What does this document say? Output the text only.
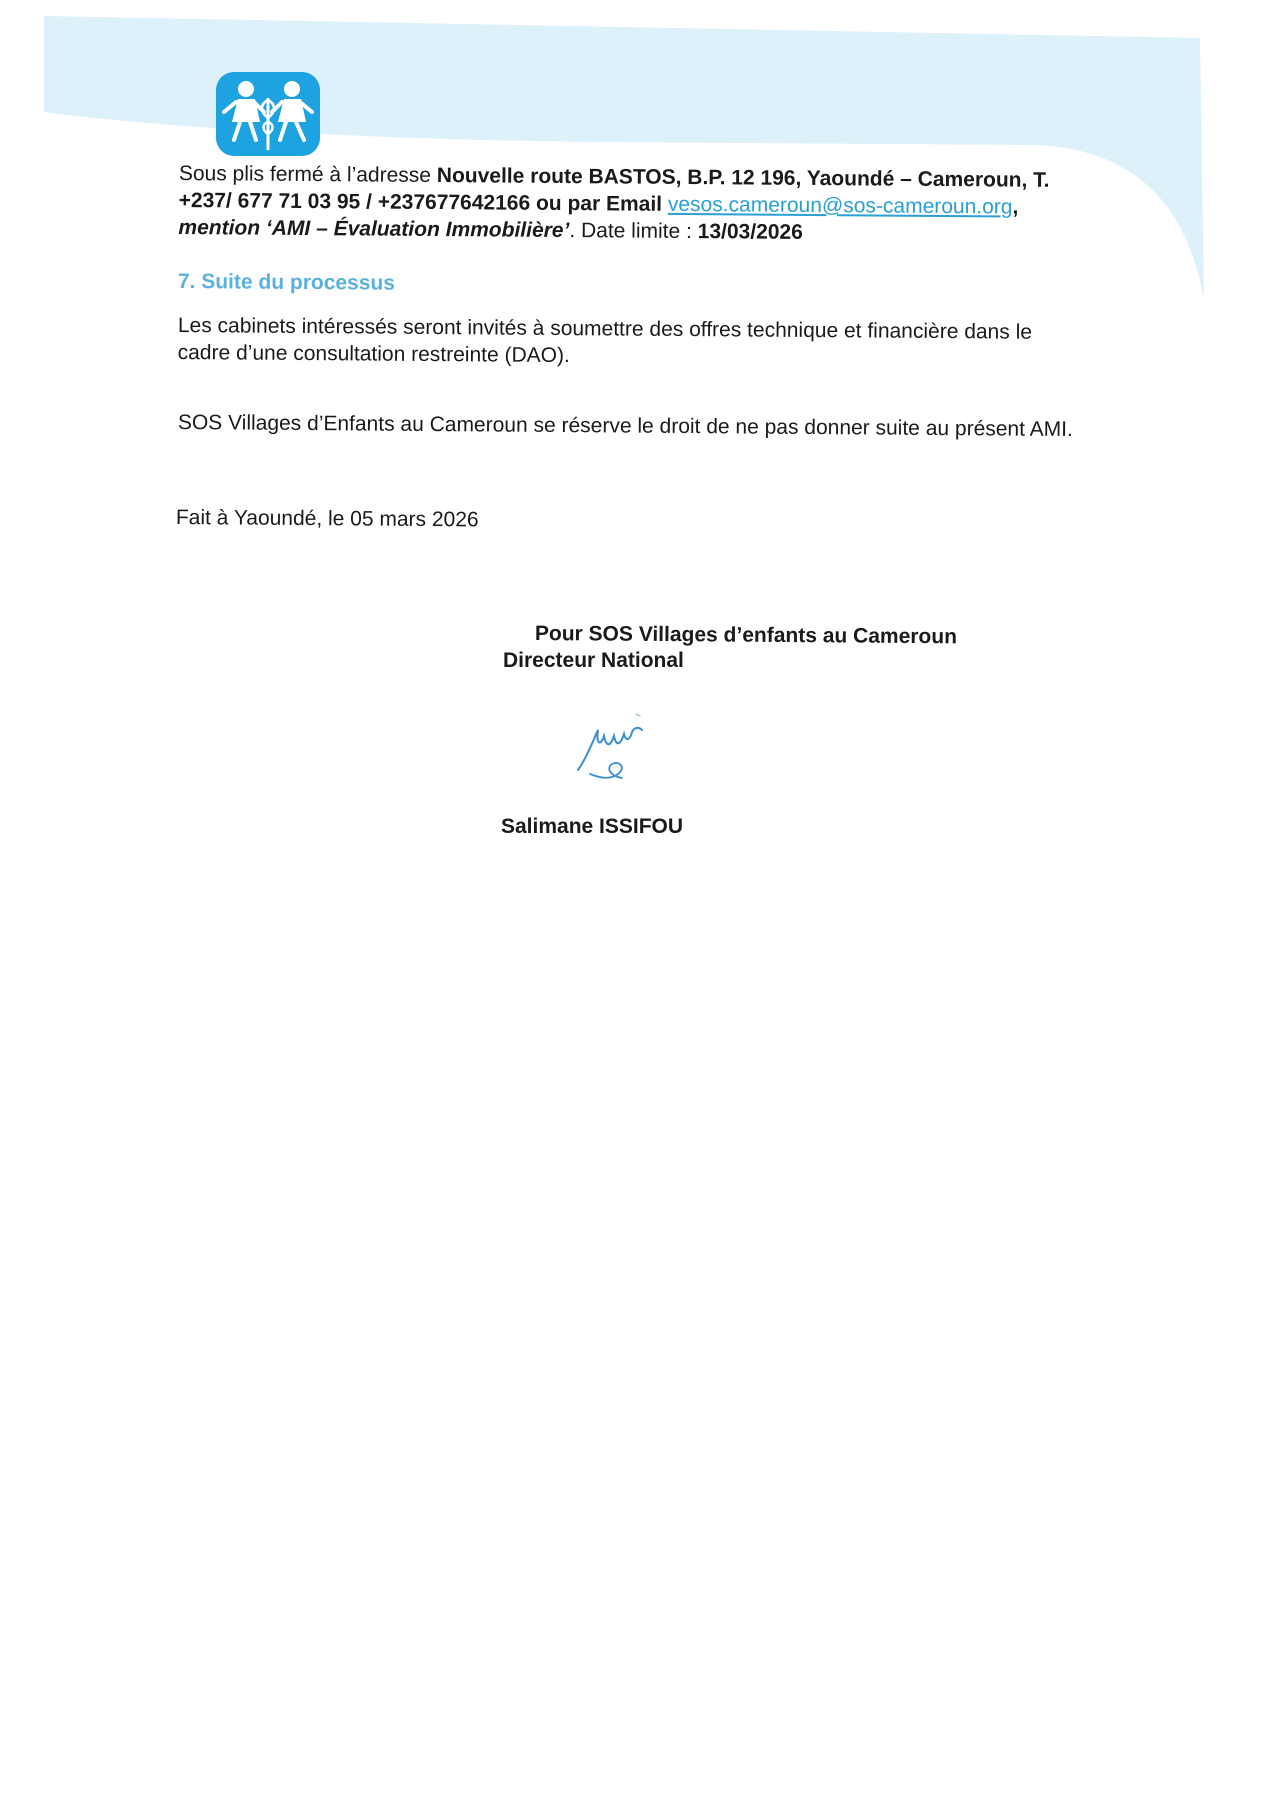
Sous plis fermé à l’adresse Nouvelle route BASTOS, B.P. 12 196, Yaoundé – Cameroun, T. +237/ 677 71 03 95 / +237677642166 ou par Email vesos.cameroun@sos-cameroun.org,
mention ‘AMI – Évaluation Immobilière’. Date limite : 13/03/2026
7. Suite du processus
Les cabinets intéressés seront invités à soumettre des offres technique et financière dans le cadre d’une consultation restreinte (DAO).
SOS Villages d’Enfants au Cameroun se réserve le droit de ne pas donner suite au présent AMI.
Fait à Yaoundé, le 05 mars 2026
Pour SOS Villages d’enfants au Cameroun
Directeur National
Salimane ISSIFOU
